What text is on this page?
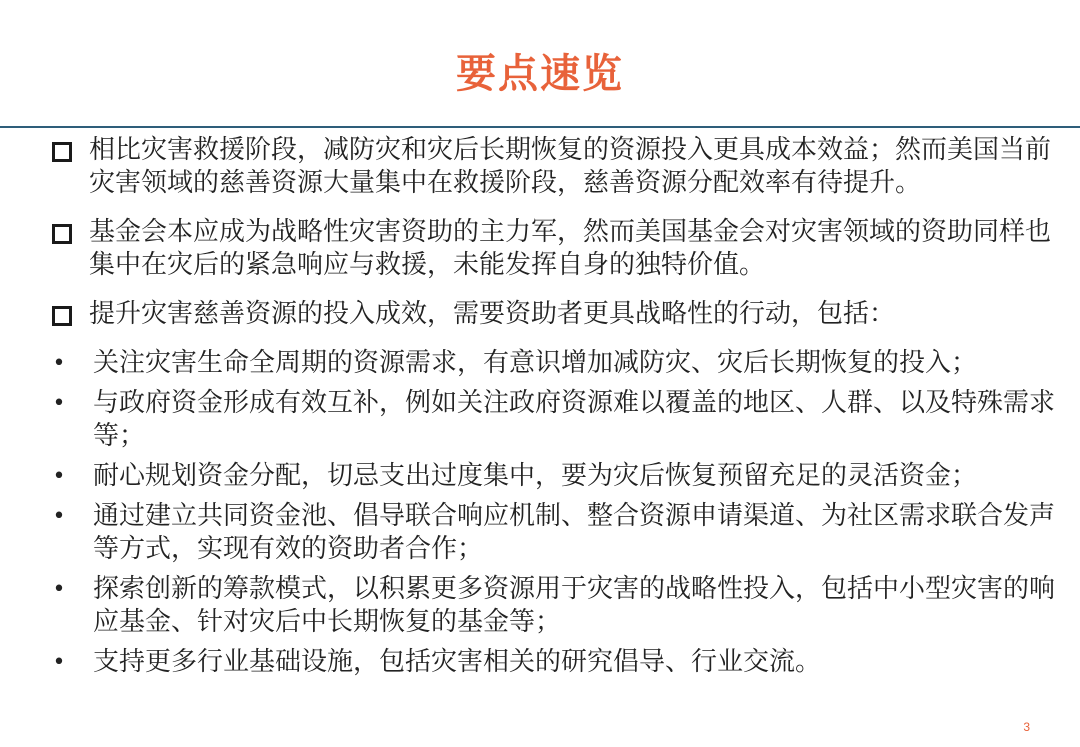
要点速览
相比灾害救援阶段，减防灾和灾后长期恢复的资源投入更具成本效益；然而美国当前灾害领域的慈善资源大量集中在救援阶段，慈善资源分配效率有待提升。
基金会本应成为战略性灾害资助的主力军，然而美国基金会对灾害领域的资助同样也集中在灾后的紧急响应与救援，未能发挥自身的独特价值。
提升灾害慈善资源的投入成效，需要资助者更具战略性的行动，包括：
• 关注灾害生命全周期的资源需求，有意识增加减防灾、灾后长期恢复的投入；
• 与政府资金形成有效互补，例如关注政府资源难以覆盖的地区、人群、以及特殊需求等；
• 耐心规划资金分配，切忌支出过度集中，要为灾后恢复预留充足的灵活资金；
• 通过建立共同资金池、倡导联合响应机制、整合资源申请渠道、为社区需求联合发声等方式，实现有效的资助者合作；
• 探索创新的筹款模式，以积累更多资源用于灾害的战略性投入，包括中小型灾害的响应基金、针对灾后中长期恢复的基金等；
• 支持更多行业基础设施，包括灾害相关的研究倡导、行业交流。
3
